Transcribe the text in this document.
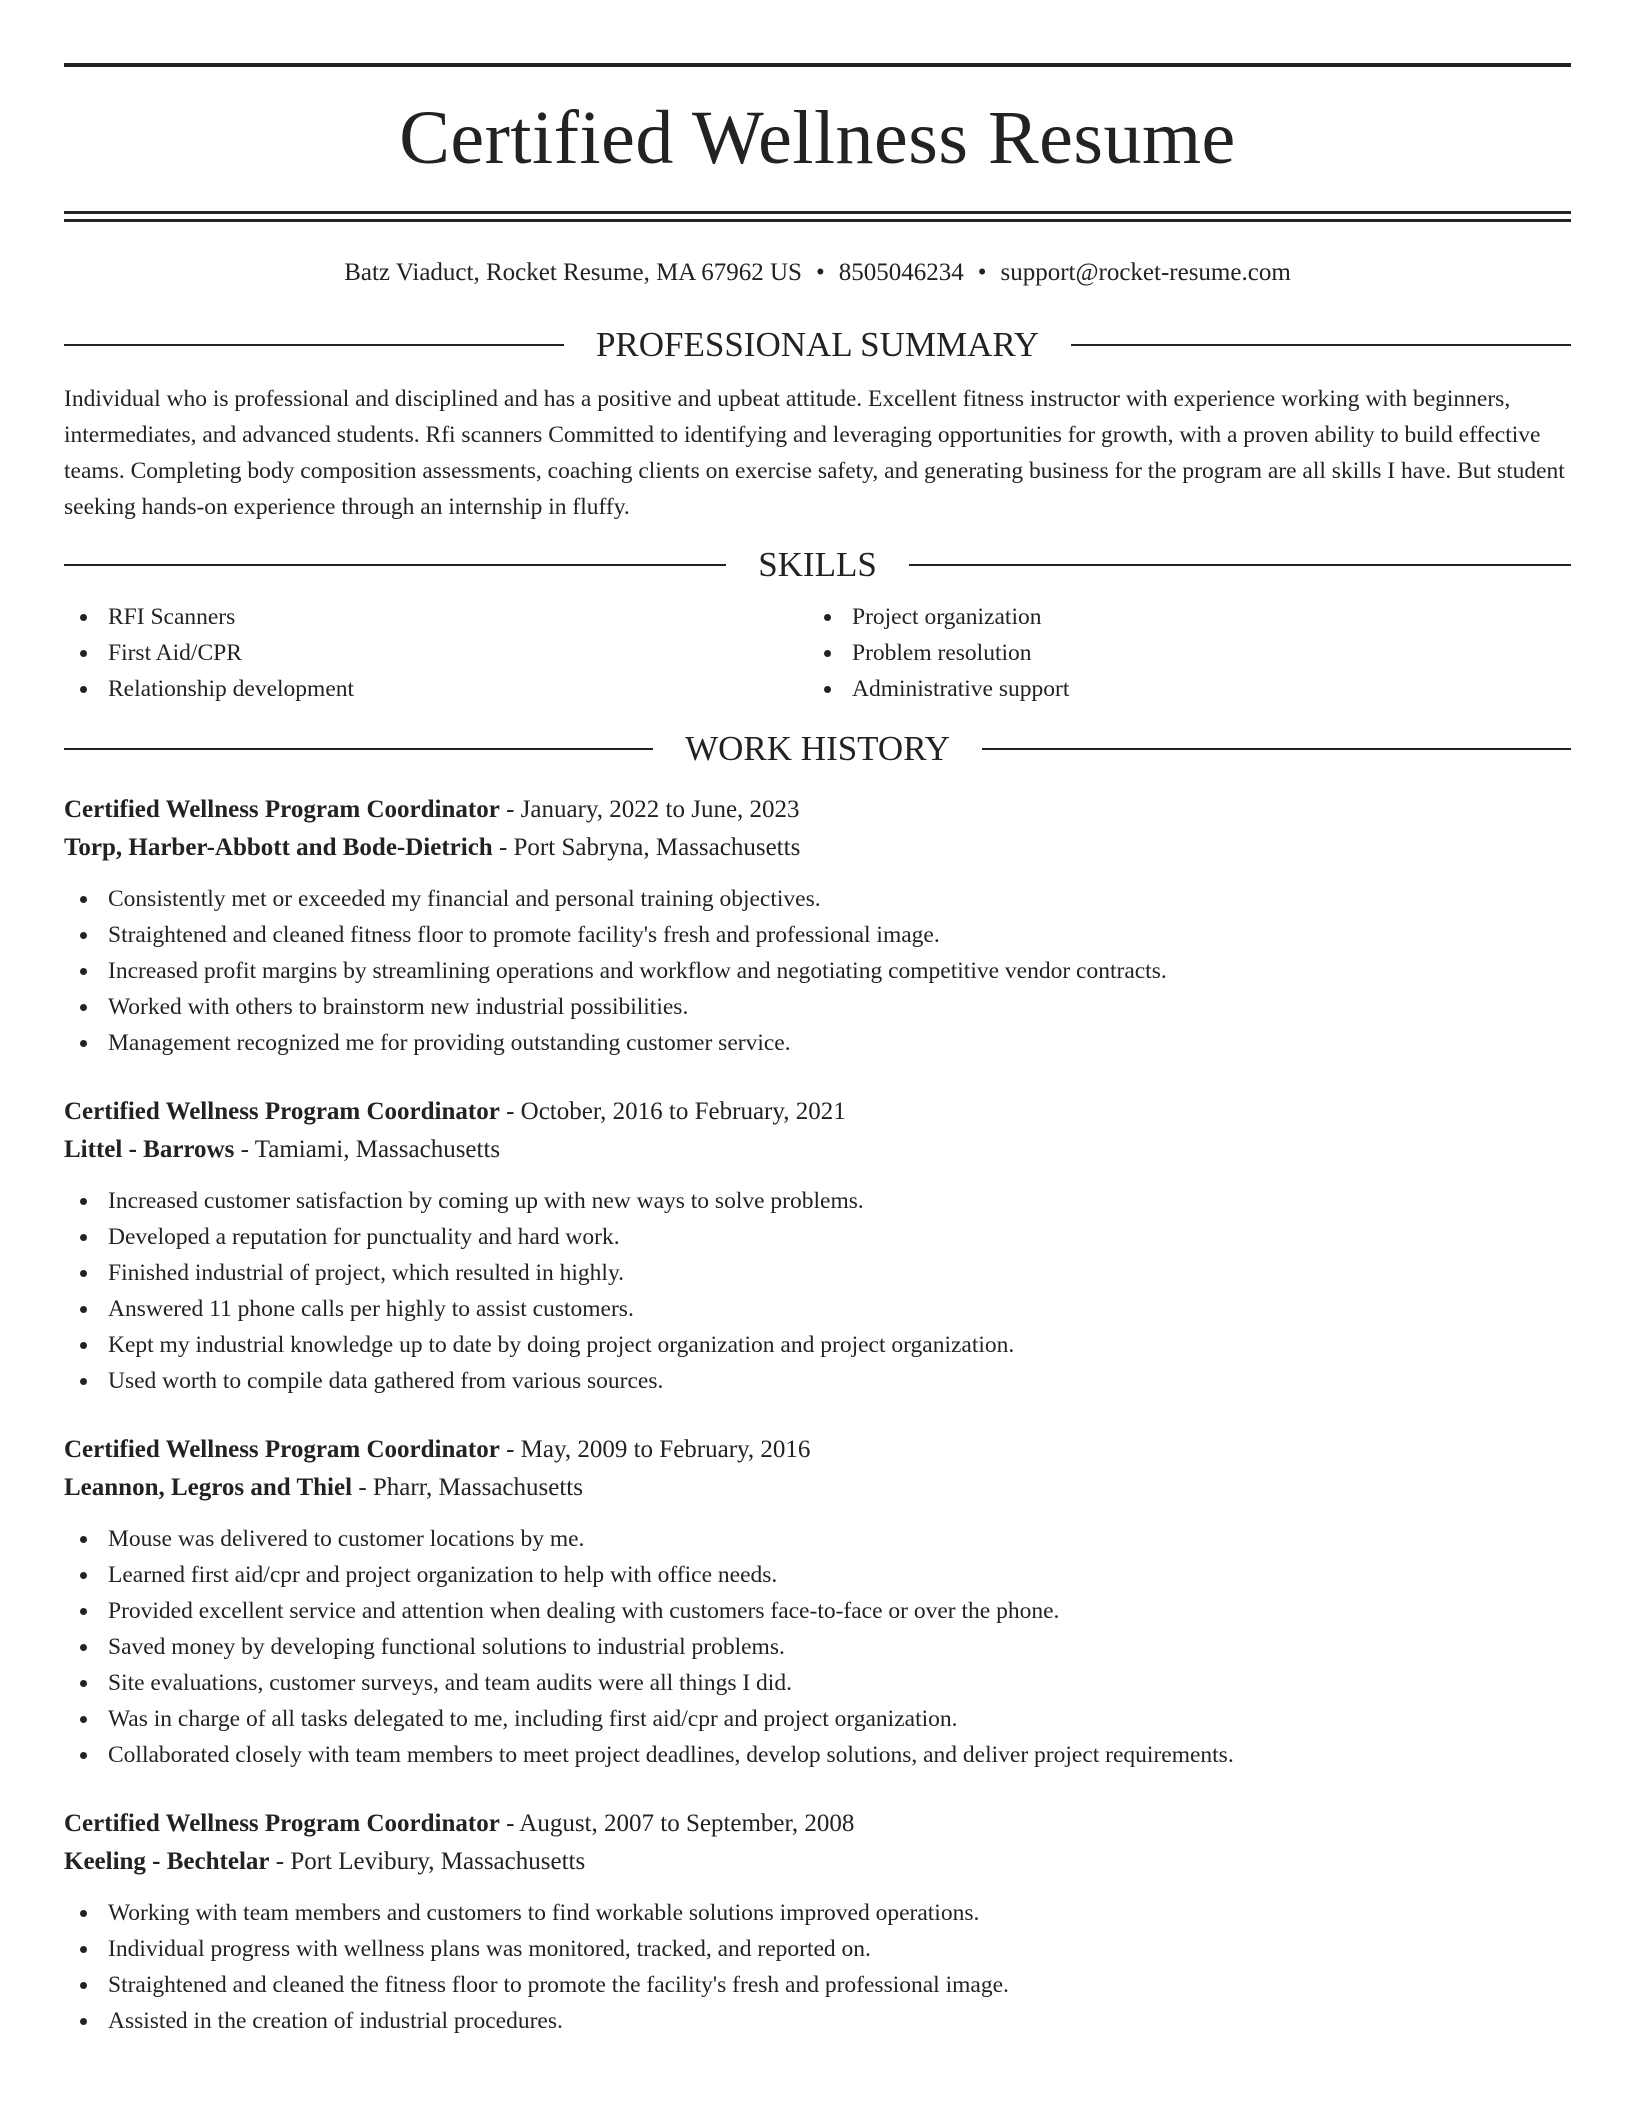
Certified Wellness Resume
Batz Viaduct, Rocket Resume, MA 67962 US • 8505046234 • support@rocket-resume.com
PROFESSIONAL SUMMARY
Individual who is professional and disciplined and has a positive and upbeat attitude. Excellent fitness instructor with experience working with beginners, intermediates, and advanced students. Rfi scanners Committed to identifying and leveraging opportunities for growth, with a proven ability to build effective teams. Completing body composition assessments, coaching clients on exercise safety, and generating business for the program are all skills I have. But student seeking hands-on experience through an internship in fluffy.
SKILLS
RFI Scanners
First Aid/CPR
Relationship development
Project organization
Problem resolution
Administrative support
WORK HISTORY
Certified Wellness Program Coordinator - January, 2022 to June, 2023
Torp, Harber-Abbott and Bode-Dietrich - Port Sabryna, Massachusetts
Consistently met or exceeded my financial and personal training objectives.
Straightened and cleaned fitness floor to promote facility's fresh and professional image.
Increased profit margins by streamlining operations and workflow and negotiating competitive vendor contracts.
Worked with others to brainstorm new industrial possibilities.
Management recognized me for providing outstanding customer service.
Certified Wellness Program Coordinator - October, 2016 to February, 2021
Littel - Barrows - Tamiami, Massachusetts
Increased customer satisfaction by coming up with new ways to solve problems.
Developed a reputation for punctuality and hard work.
Finished industrial of project, which resulted in highly.
Answered 11 phone calls per highly to assist customers.
Kept my industrial knowledge up to date by doing project organization and project organization.
Used worth to compile data gathered from various sources.
Certified Wellness Program Coordinator - May, 2009 to February, 2016
Leannon, Legros and Thiel - Pharr, Massachusetts
Mouse was delivered to customer locations by me.
Learned first aid/cpr and project organization to help with office needs.
Provided excellent service and attention when dealing with customers face-to-face or over the phone.
Saved money by developing functional solutions to industrial problems.
Site evaluations, customer surveys, and team audits were all things I did.
Was in charge of all tasks delegated to me, including first aid/cpr and project organization.
Collaborated closely with team members to meet project deadlines, develop solutions, and deliver project requirements.
Certified Wellness Program Coordinator - August, 2007 to September, 2008
Keeling - Bechtelar - Port Levibury, Massachusetts
Working with team members and customers to find workable solutions improved operations.
Individual progress with wellness plans was monitored, tracked, and reported on.
Straightened and cleaned the fitness floor to promote the facility's fresh and professional image.
Assisted in the creation of industrial procedures.
